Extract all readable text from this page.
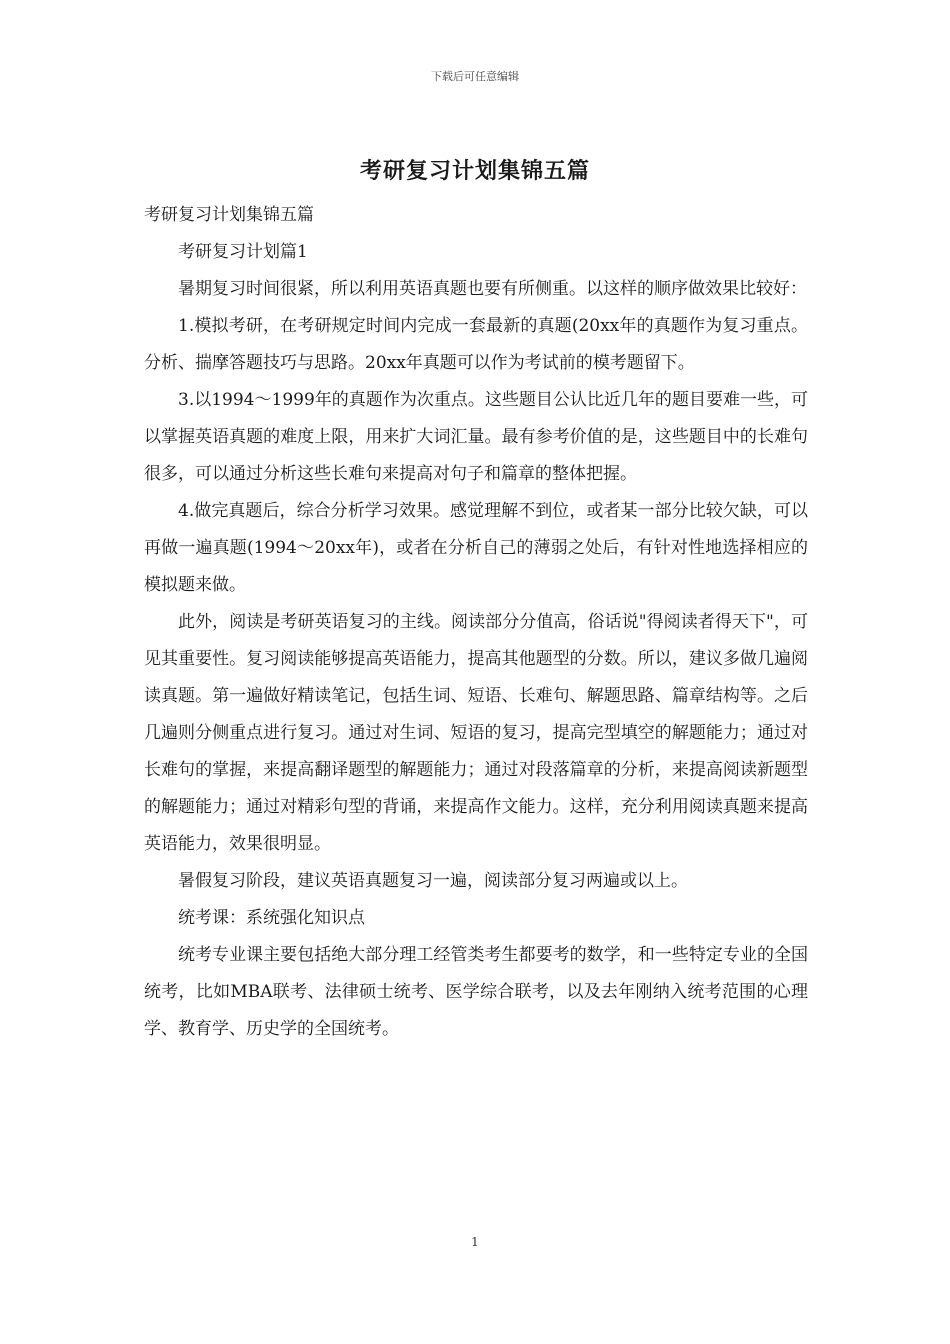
下载后可任意编辑
考研复习计划集锦五篇

考研复习计划集锦五篇

考研复习计划篇1

暑期复习时间很紧，所以利用英语真题也要有所侧重。以这样的顺序做效果比较好：

1.模拟考研，在考研规定时间内完成一套最新的真题(20xx年的真题作为复习重点。分析、揣摩答题技巧与思路。20xx年真题可以作为考试前的模考题留下。

3.以1994～1999年的真题作为次重点。这些题目公认比近几年的题目要难一些，可以掌握英语真题的难度上限，用来扩大词汇量。最有参考价值的是，这些题目中的长难句很多，可以通过分析这些长难句来提高对句子和篇章的整体把握。

4.做完真题后，综合分析学习效果。感觉理解不到位，或者某一部分比较欠缺，可以再做一遍真题(1994～20xx年)，或者在分析自己的薄弱之处后，有针对性地选择相应的模拟题来做。

此外，阅读是考研英语复习的主线。阅读部分分值高，俗话说"得阅读者得天下"，可见其重要性。复习阅读能够提高英语能力，提高其他题型的分数。所以，建议多做几遍阅读真题。第一遍做好精读笔记，包括生词、短语、长难句、解题思路、篇章结构等。之后几遍则分侧重点进行复习。通过对生词、短语的复习，提高完型填空的解题能力；通过对长难句的掌握，来提高翻译题型的解题能力；通过对段落篇章的分析，来提高阅读新题型的解题能力；通过对精彩句型的背诵，来提高作文能力。这样，充分利用阅读真题来提高英语能力，效果很明显。

暑假复习阶段，建议英语真题复习一遍，阅读部分复习两遍或以上。

统考课：系统强化知识点

统考专业课主要包括绝大部分理工经管类考生都要考的数学，和一些特定专业的全国统考，比如MBA联考、法律硕士统考、医学综合联考，以及去年刚纳入统考范围的心理学、教育学、历史学的全国统考。

1
